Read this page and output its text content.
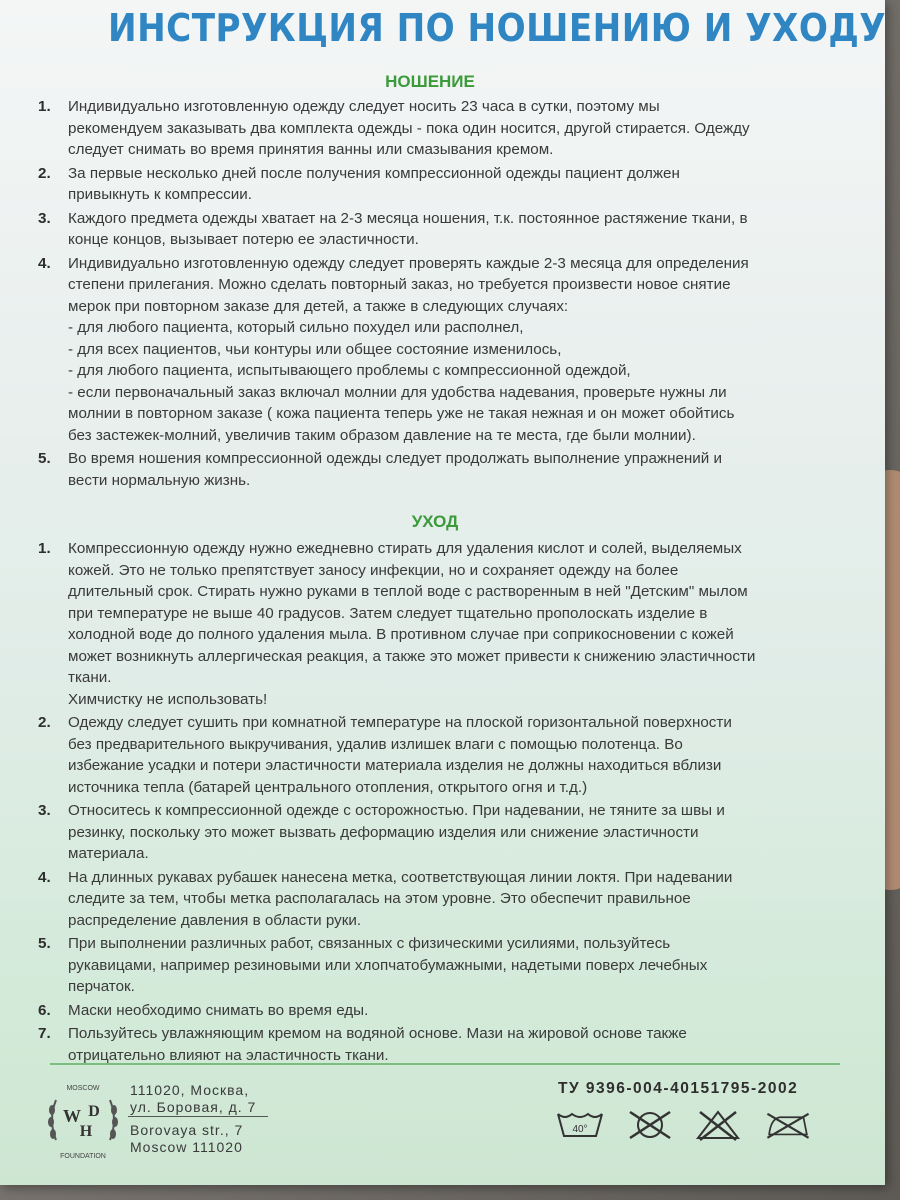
ИНСТРУКЦИЯ ПО НОШЕНИЮ И УХОДУ
НОШЕНИЕ
1.	Индивидуально изготовленную одежду следует носить 23 часа в сутки, поэтому мы
рекомендуем заказывать два комплекта одежды - пока один носится, другой стирается. Одежду
следует снимать во время принятия ванны или смазывания кремом.
2.	За первые несколько дней после получения компрессионной одежды пациент должен
привыкнуть к компрессии.
3.	Каждого предмета одежды хватает на 2-3 месяца ношения, т.к. постоянное растяжение ткани, в
конце концов, вызывает потерю ее эластичности.
4.	Индивидуально изготовленную одежду следует проверять каждые 2-3 месяца для определения
степени прилегания. Можно сделать повторный заказ, но требуется произвести новое снятие
мерок при повторном заказе для детей, а также в следующих случаях:
- для любого пациента, который сильно похудел или располнел,
- для всех пациентов, чьи контуры или общее состояние изменилось,
- для любого пациента, испытывающего проблемы с компрессионной одеждой,
- если первоначальный заказ включал молнии для удобства надевания, проверьте нужны ли
молнии в повторном заказе ( кожа пациента теперь уже не такая нежная и он может обойтись
без застежек-молний, увеличив таким образом давление на те места, где были молнии).
5.	Во время ношения компрессионной одежды следует продолжать выполнение упражнений и
вести нормальную жизнь.
УХОД
1.	Компрессионную одежду нужно ежедневно стирать для удаления кислот и солей, выделяемых
кожей. Это не только препятствует заносу инфекции, но и сохраняет одежду на более
длительный срок. Стирать нужно руками в теплой воде с растворенным в ней "Детским" мылом
при температуре не выше 40 градусов. Затем следует тщательно прополоскать изделие в
холодной воде до полного удаления мыла. В противном случае при соприкосновении с кожей
может возникнуть аллергическая реакция, а также это может привести к снижению эластичности
ткани.
Химчистку не использовать!
2.	Одежду следует сушить при комнатной температуре на плоской горизонтальной поверхности
без предварительного выкручивания, удалив излишек влаги с помощью полотенца. Во
избежание усадки и потери эластичности материала изделия не должны находиться вблизи
источника тепла (батарей центрального отопления, открытого огня и т.д.)
3.	Относитесь к компрессионной одежде с осторожностью. При надевании, не тяните за швы и
резинку, поскольку это может вызвать деформацию изделия или снижение эластичности
материала.
4.	На длинных рукавах рубашек нанесена метка, соответствующая линии локтя. При надевании
следите за тем, чтобы метка располагалась на этом уровне. Это обеспечит правильное
распределение давления в области руки.
5.	При выполнении различных работ, связанных с физическими усилиями, пользуйтесь
рукавицами, например резиновыми или хлопчатобумажными, надетыми поверх лечебных
перчаток.
6.	Маски необходимо снимать во время еды.
7.	Пользуйтесь увлажняющим кремом на водяной основе. Мази на жировой основе также
отрицательно влияют на эластичность ткани.
MOSCOW
W D
H
FOUNDATION
111020, Москва,
ул. Боровая, д. 7
Borovaya str., 7
Moscow 111020
ТУ 9396-004-40151795-2002
40°
